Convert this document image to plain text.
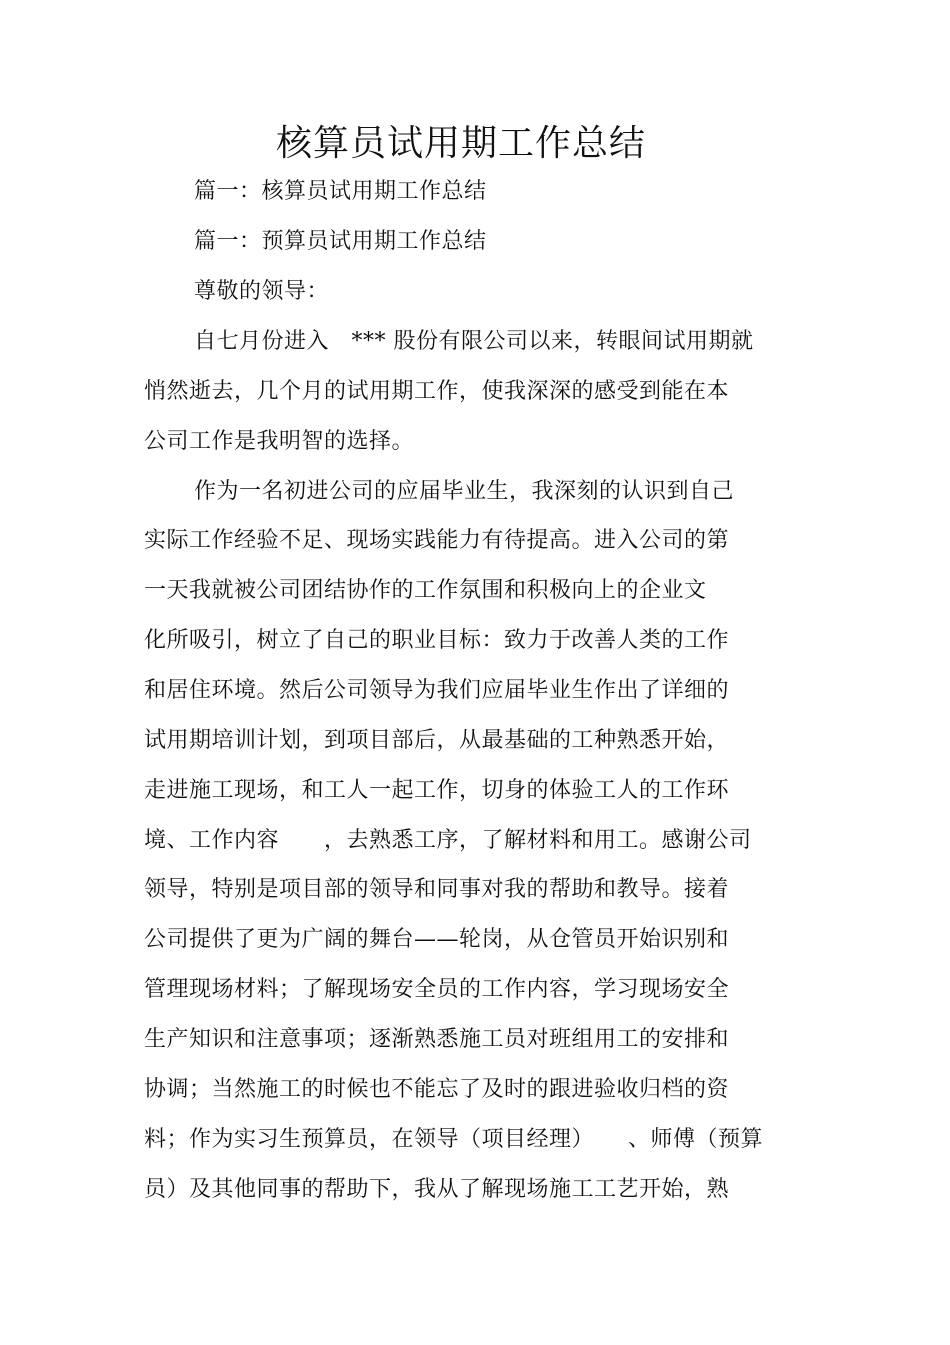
核算员试用期工作总结
篇一：核算员试用期工作总结
篇一：预算员试用期工作总结
尊敬的领导：
自七月份进入　*** 股份有限公司以来，转眼间试用期就
悄然逝去，几个月的试用期工作，使我深深的感受到能在本
公司工作是我明智的选择。
作为一名初进公司的应届毕业生，我深刻的认识到自己
实际工作经验不足、现场实践能力有待提高。进入公司的第
一天我就被公司团结协作的工作氛围和积极向上的企业文
化所吸引，树立了自己的职业目标：致力于改善人类的工作
和居住环境。然后公司领导为我们应届毕业生作出了详细的
试用期培训计划，到项目部后，从最基础的工种熟悉开始，
走进施工现场，和工人一起工作，切身的体验工人的工作环
境、工作内容　　，去熟悉工序，了解材料和用工。感谢公司
领导，特别是项目部的领导和同事对我的帮助和教导。接着
公司提供了更为广阔的舞台——轮岗，从仓管员开始识别和
管理现场材料；了解现场安全员的工作内容，学习现场安全
生产知识和注意事项；逐渐熟悉施工员对班组用工的安排和
协调；当然施工的时候也不能忘了及时的跟进验收归档的资
料；作为实习生预算员，在领导（项目经理）　　、师傅（预算
员）及其他同事的帮助下，我从了解现场施工工艺开始，熟
